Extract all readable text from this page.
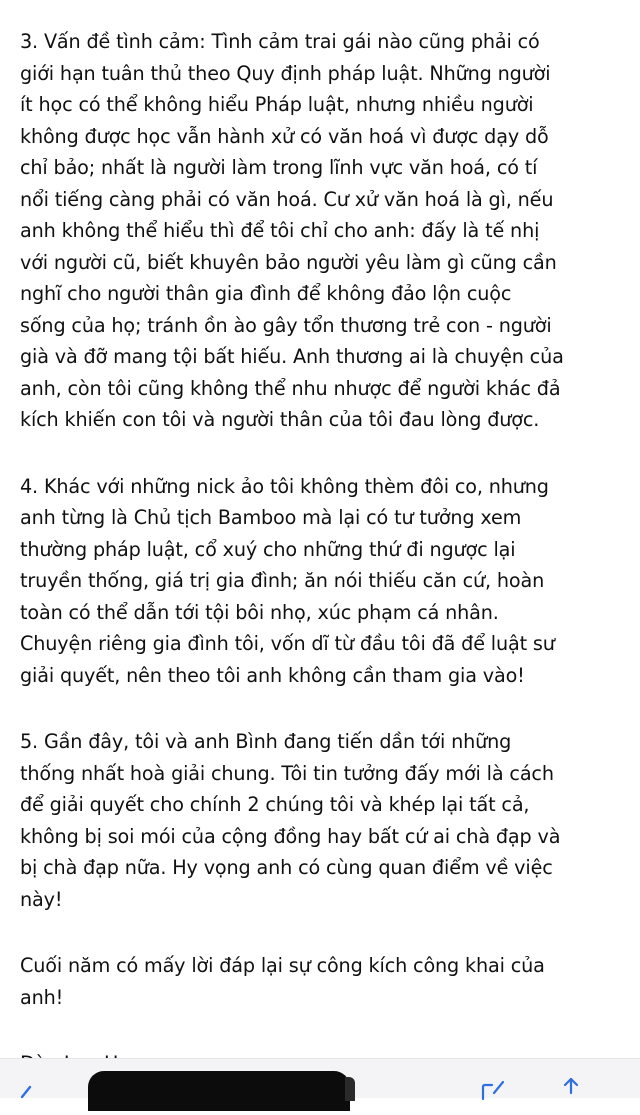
3. Vấn đề tình cảm: Tình cảm trai gái nào cũng phải có
giới hạn tuân thủ theo Quy định pháp luật. Những người
ít học có thể không hiểu Pháp luật, nhưng nhiều người
không được học vẫn hành xử có văn hoá vì được dạy dỗ
chỉ bảo; nhất là người làm trong lĩnh vực văn hoá, có tí
nổi tiếng càng phải có văn hoá. Cư xử văn hoá là gì, nếu
anh không thể hiểu thì để tôi chỉ cho anh: đấy là tế nhị
với người cũ, biết khuyên bảo người yêu làm gì cũng cần
nghĩ cho người thân gia đình để không đảo lộn cuộc
sống của họ; tránh ồn ào gây tổn thương trẻ con - người
già và đỡ mang tội bất hiếu. Anh thương ai là chuyện của
anh, còn tôi cũng không thể nhu nhược để người khác đả
kích khiến con tôi và người thân của tôi đau lòng được.
4. Khác với những nick ảo tôi không thèm đôi co, nhưng
anh từng là Chủ tịch Bamboo mà lại có tư tưởng xem
thường pháp luật, cổ xuý cho những thứ đi ngược lại
truyền thống, giá trị gia đình; ăn nói thiếu căn cứ, hoàn
toàn có thể dẫn tới tội bôi nhọ, xúc phạm cá nhân.
Chuyện riêng gia đình tôi, vốn dĩ từ đầu tôi đã để luật sư
giải quyết, nên theo tôi anh không cần tham gia vào!
5. Gần đây, tôi và anh Bình đang tiến dần tới những
thống nhất hoà giải chung. Tôi tin tưởng đấy mới là cách
để giải quyết cho chính 2 chúng tôi và khép lại tất cả,
không bị soi mói của cộng đồng hay bất cứ ai chà đạp và
bị chà đạp nữa. Hy vọng anh có cùng quan điểm về việc
này!
Cuối năm có mấy lời đáp lại sự công kích công khai của
anh!
